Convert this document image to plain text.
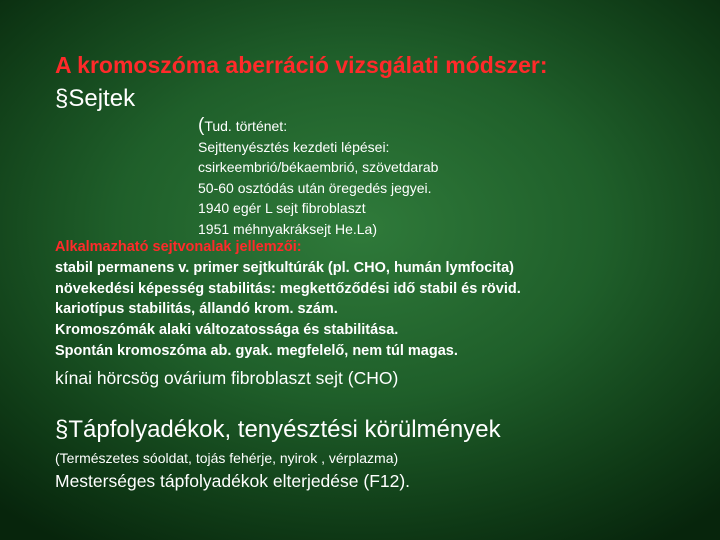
A kromoszóma aberráció vizsgálati módszer:
§Sejtek
(Tud. történet:
Sejttenyésztés kezdeti lépései:
csirkeembrió/békaembrió, szövetdarab
50-60 osztódás után öregedés jegyei.
1940 egér L sejt fibroblaszt
1951 méhnyakráksejt He.La)
Alkalmazható sejtvonalak jellemzői:
stabil permanens v. primer sejtkultúrák (pl. CHO, humán lymfocita)
növekedési képesség stabilitás: megkettőződési idő stabil és rövid.
kariotípus stabilitás, állandó krom. szám.
Kromoszómák alaki változatossága és stabilitása.
Spontán kromoszóma ab. gyak. megfelelő, nem túl magas.
kínai hörcsög ovárium fibroblaszt sejt (CHO)
§Tápfolyadékok, tenyésztési körülmények
(Természetes sóoldat, tojás fehérje, nyirok , vérplazma)
Mesterséges tápfolyadékok elterjedése (F12).
